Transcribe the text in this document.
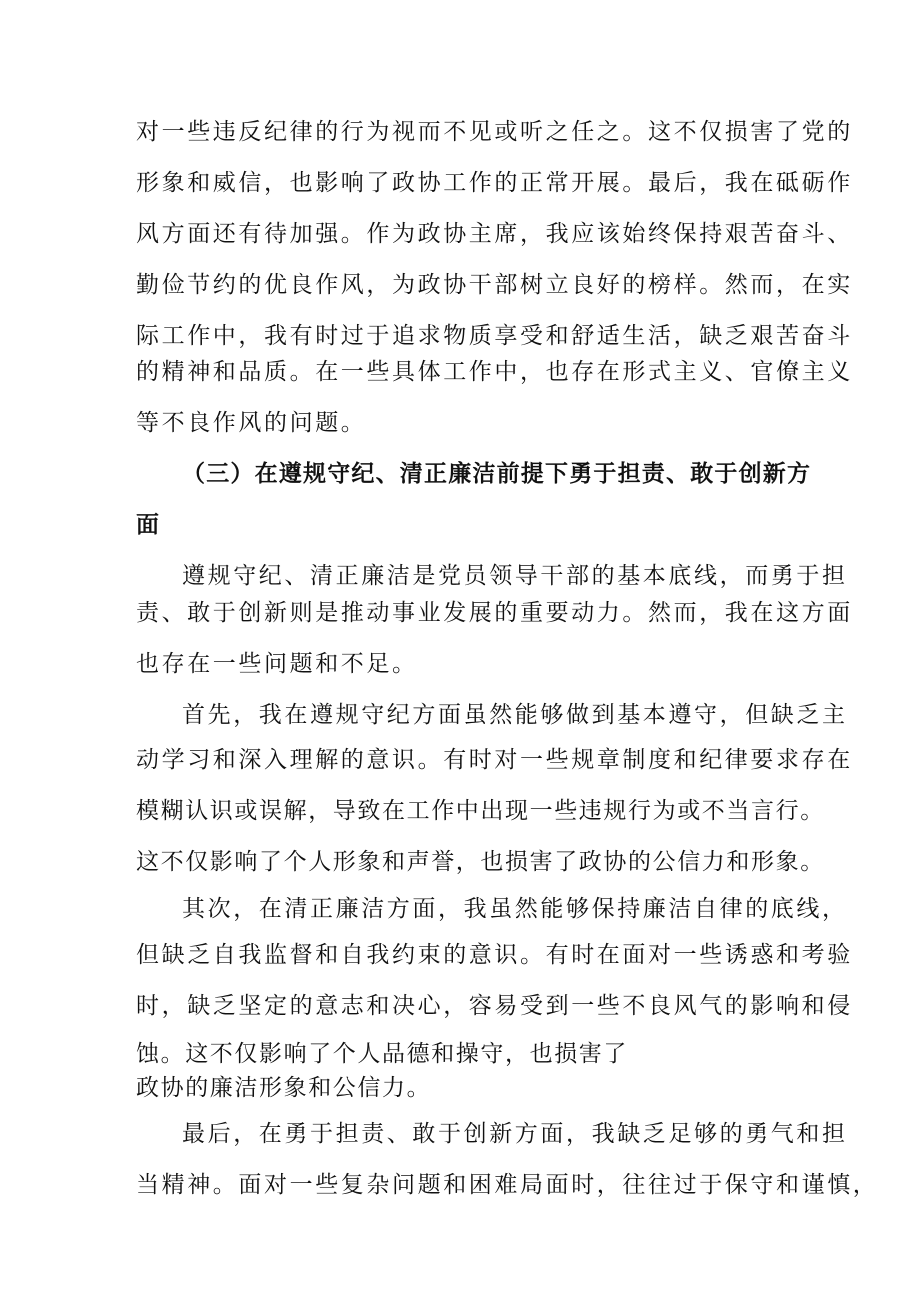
对一些违反纪律的行为视而不见或听之任之。这不仅损害了党的
形象和威信，也影响了政协工作的正常开展。最后，我在砥砺作
风方面还有待加强。作为政协主席，我应该始终保持艰苦奋斗、
勤俭节约的优良作风，为政协干部树立良好的榜样。然而，在实
际工作中，我有时过于追求物质享受和舒适生活，缺乏艰苦奋斗
的精神和品质。在一些具体工作中，也存在形式主义、官僚主义
等不良作风的问题。
（三）在遵规守纪、清正廉洁前提下勇于担责、敢于创新方
面
遵规守纪、清正廉洁是党员领导干部的基本底线，而勇于担
责、敢于创新则是推动事业发展的重要动力。然而，我在这方面
也存在一些问题和不足。
首先，我在遵规守纪方面虽然能够做到基本遵守，但缺乏主
动学习和深入理解的意识。有时对一些规章制度和纪律要求存在
模糊认识或误解，导致在工作中出现一些违规行为或不当言行。
这不仅影响了个人形象和声誉，也损害了政协的公信力和形象。
其次，在清正廉洁方面，我虽然能够保持廉洁自律的底线，
但缺乏自我监督和自我约束的意识。有时在面对一些诱惑和考验
时，缺乏坚定的意志和决心，容易受到一些不良风气的影响和侵
蚀。这不仅影响了个人品德和操守，也损害了
政协的廉洁形象和公信力。
最后，在勇于担责、敢于创新方面，我缺乏足够的勇气和担
当精神。面对一些复杂问题和困难局面时，往往过于保守和谨慎，
